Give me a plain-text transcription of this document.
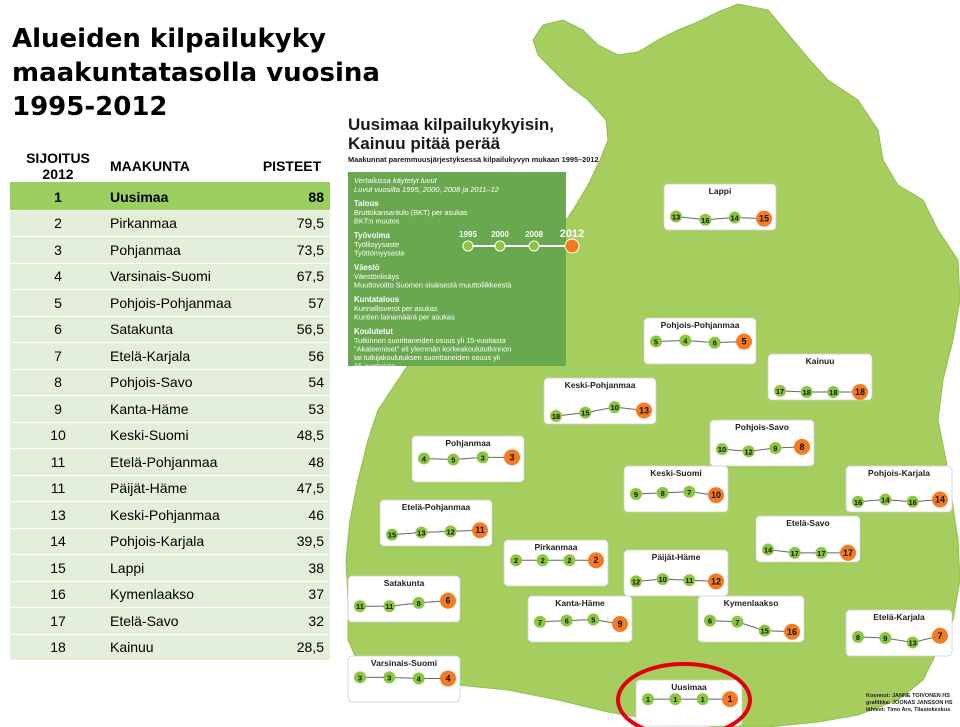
Alueiden kilpailukyky
maakuntatasolla vuosina
1995-2012
SIJOITUS 2012	MAAKUNTA	PISTEET
1	Uusimaa	88
2	Pirkanmaa	79,5
3	Pohjanmaa	73,5
4	Varsinais-Suomi	67,5
5	Pohjois-Pohjanmaa	57
6	Satakunta	56,5
7	Etelä-Karjala	56
8	Pohjois-Savo	54
9	Kanta-Häme	53
10	Keski-Suomi	48,5
11	Etelä-Pohjanmaa	48
11	Päijät-Häme	47,5
13	Keski-Pohjanmaa	46
14	Pohjois-Karjala	39,5
15	Lappi	38
16	Kymenlaakso	37
17	Etelä-Savo	32
18	Kainuu	28,5
Uusimaa kilpailukykyisin,
Kainuu pitää perää
Maakunnat paremmuusjärjestyksessä kilpailukyvyn mukaan 1995–2012
Vertailussa käytetyt luvut
Luvut vuosilta 1995, 2000, 2008 ja 2011–12
Talous
Bruttokansantulo (BKT) per asukas
BKT:n muutos
Työvoima
Työllisyysaste
Työttömyysaste
Väestö
Väestönlisäys
Muuttovoitto Suomen sisäisestä muuttoliikkeestä
Kuntatalous
Kunnallisverot per asukas
Kuntien lainamäärä per asukas
Koulutetut
Tutkinnon suorittaneiden osuus yli 15-vuotiasta
"Akateemiset" eli ylemmän korkeakoulututkinnon
tai tutkijakoulutuksen suorittaneiden osuus yli
15-vuotiaista
1995 2000 2008 2012
Lappi
13	16	14 15
Pohjois-Pohjanmaa
5	4	6	5
Kainuu
17 18 18 18
Keski-Pohjanmaa
18	15
10 13
Pohjois-Savo
10 12	9 8
Pohjanmaa
4	5	3	3
Keski-Suomi
9	8	7 10
Pohjois-Karjala
16	14	16 14
Etelä-Pohjanmaa
15	13	12 11
Etelä-Savo
14 17 17 17
Pirkanmaa
2	2	2 2	Päijät-Häme
12 10 11 12
Satakunta
11	11	8	6	Kanta-Häme
7	6	5 9
Kymenlaakso
6	7
15 16
Etelä-Karjala
8	9	13
7
Varsinais-Suomi
3	3	4	4
Uusimaa
1	1	1	1	Koonnut: JANNE TOIVONEN HS
grafiikka: JOONAS JANSSON HS
lähteet: Timo Aro, Tilastokeskus
